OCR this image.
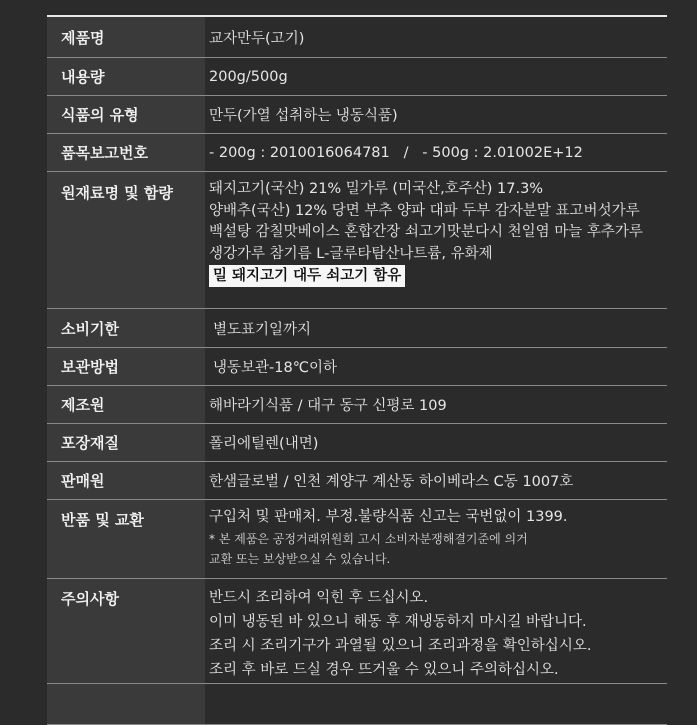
제품명	교자만두(고기)
내용량	200g/500g
식품의 유형	만두(가열 섭취하는 냉동식품)
품목보고번호	- 200g : 2010016064781   /   - 500g : 2.01002E+12
원재료명 및 함량	돼지고기(국산) 21% 밀가루 (미국산,호주산) 17.3%
양배추(국산) 12% 당면 부추 양파 대파 두부 감자분말 표고버섯가루
백설탕 감칠맛베이스 혼합간장 쇠고기맛분다시 천일염 마늘 후추가루
생강가루 참기름 L-글루타탐산나트륨, 유화제
밀 돼지고기 대두 쇠고기 함유
소비기한	별도표기일까지
보관방법	냉동보관-18℃이하
제조원	해바라기식품 / 대구 동구 신평로 109
포장재질	폴리에틸렌(내면)
판매원	한샘글로벌 / 인천 계양구 계산동 하이베라스 C동 1007호
반품 및 교환	구입처 및 판매처. 부정.불량식품 신고는 국번없이 1399.
* 본 제품은 공정거래위원회 고시 소비자분쟁해결기준에 의거
교환 또는 보상받으실 수 있습니다.
주의사항	반드시 조리하여 익힌 후 드십시오.
이미 냉동된 바 있으니 해동 후 재냉동하지 마시길 바랍니다.
조리 시 조리기구가 과열될 있으니 조리과정을 확인하십시오.
조리 후 바로 드실 경우 뜨거울 수 있으니 주의하십시오.
